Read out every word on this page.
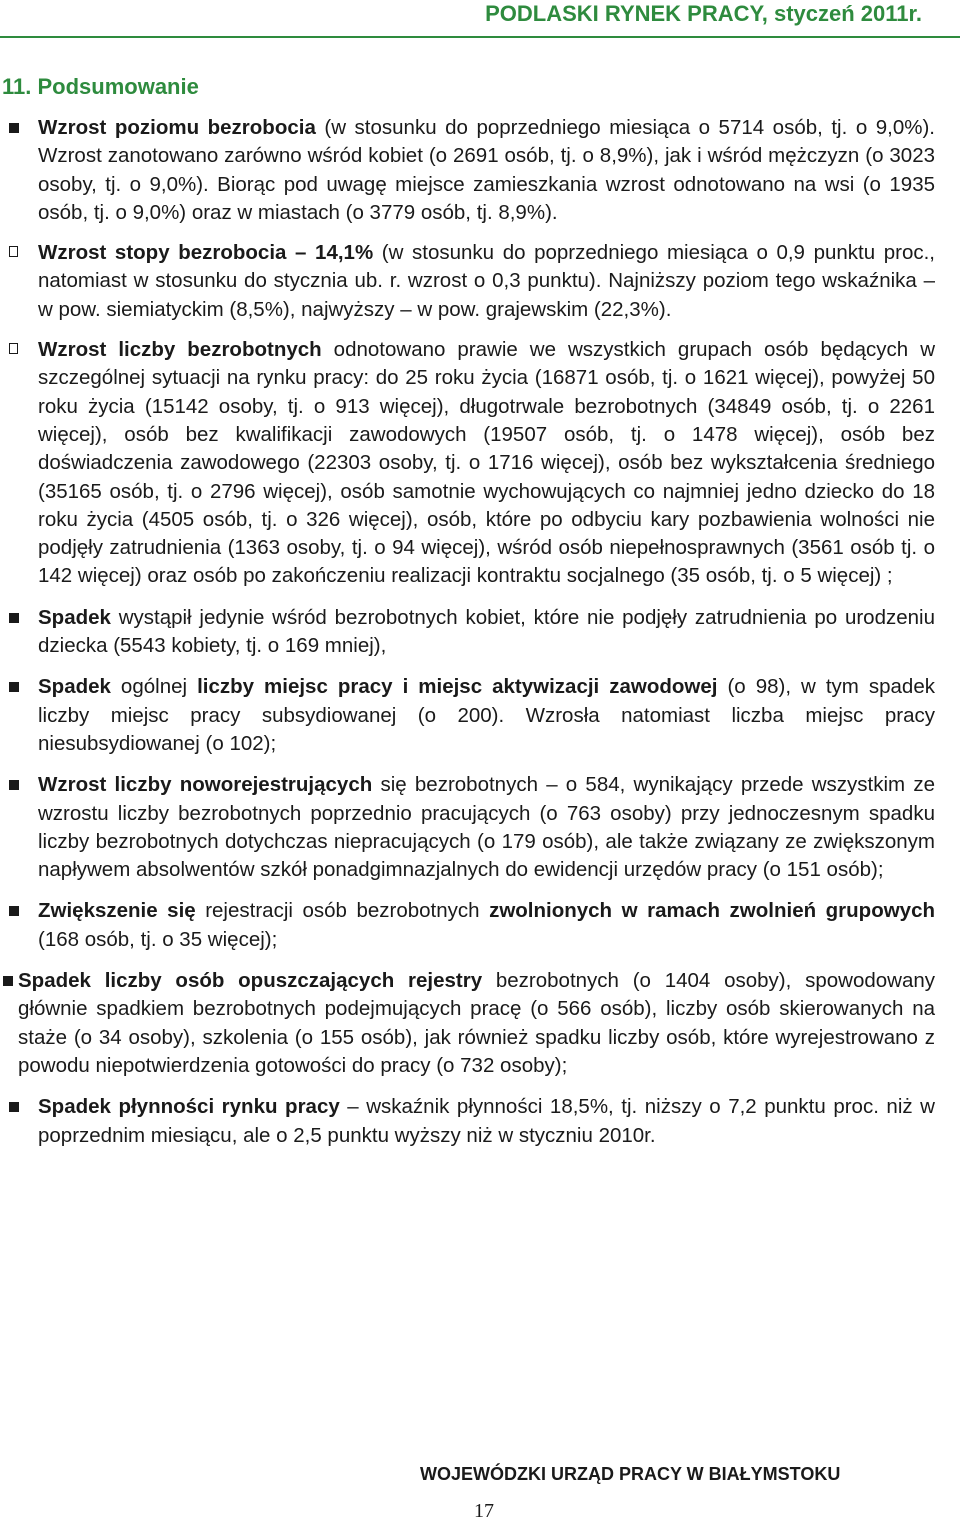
PODLASKI RYNEK PRACY, styczeń 2011r.
11. Podsumowanie

Wzrost poziomu bezrobocia (w stosunku do poprzedniego miesiąca o 5714 osób, tj. o 9,0%). Wzrost zanotowano zarówno wśród kobiet (o 2691 osób, tj. o 8,9%), jak i wśród mężczyzn (o 3023 osoby, tj. o 9,0%). Biorąc pod uwagę miejsce zamieszkania wzrost odnotowano na wsi (o 1935 osób, tj. o 9,0%) oraz w miastach (o 3779 osób, tj. 8,9%).

Wzrost stopy bezrobocia – 14,1% (w stosunku do poprzedniego miesiąca o 0,9 punktu proc., natomiast w stosunku do stycznia ub. r. wzrost o 0,3 punktu). Najniższy poziom tego wskaźnika – w pow. siemiatyckim (8,5%), najwyższy – w pow. grajewskim (22,3%).

Wzrost liczby bezrobotnych odnotowano prawie we wszystkich grupach osób będących w szczególnej sytuacji na rynku pracy: do 25 roku życia (16871 osób, tj. o 1621 więcej), powyżej 50 roku życia (15142 osoby, tj. o 913 więcej), długotrwale bezrobotnych (34849 osób, tj. o 2261 więcej), osób bez kwalifikacji zawodowych (19507 osób, tj. o 1478 więcej), osób bez doświadczenia zawodowego (22303 osoby, tj. o 1716 więcej), osób bez wykształcenia średniego (35165 osób, tj. o 2796 więcej), osób samotnie wychowujących co najmniej jedno dziecko do 18 roku życia (4505 osób, tj. o 326 więcej), osób, które po odbyciu kary pozbawienia wolności nie podjęły zatrudnienia (1363 osoby, tj. o 94 więcej), wśród osób niepełnosprawnych (3561 osób tj. o 142 więcej) oraz osób po zakończeniu realizacji kontraktu socjalnego (35 osób, tj. o 5 więcej) ;

Spadek wystąpił jedynie wśród bezrobotnych kobiet, które nie podjęły zatrudnienia po urodzeniu dziecka (5543 kobiety, tj. o 169 mniej),

Spadek ogólnej liczby miejsc pracy i miejsc aktywizacji zawodowej (o 98), w tym spadek liczby miejsc pracy subsydiowanej (o 200). Wzrosła natomiast liczba miejsc pracy niesubsydiowanej (o 102);

Wzrost liczby nowo​rejestrujących się bezrobotnych – o 584, wynikający przede wszystkim ze wzrostu liczby bezrobotnych poprzednio pracujących (o 763 osoby) przy jednoczesnym spadku liczby bezrobotnych dotychczas niepracujących (o 179 osób), ale także związany ze zwiększonym napływem absolwentów szkół ponadgimnazjalnych do ewidencji urzędów pracy (o 151 osób);

Zwiększenie się rejestracji osób bezrobotnych zwolnionych w ramach zwolnień grupowych (168 osób, tj. o 35 więcej);

Spadek liczby osób opuszczających rejestry bezrobotnych (o 1404 osoby), spowodowany głównie spadkiem bezrobotnych podejmujących pracę (o 566 osób), liczby osób skierowanych na staże (o 34 osoby), szkolenia (o 155 osób), jak również spadku liczby osób, które wyrejestrowano z powodu niepotwierdzenia gotowości do pracy (o 732 osoby);

Spadek płynności rynku pracy – wskaźnik płynności 18,5%, tj. niższy o 7,2 punktu proc. niż w poprzednim miesiącu, ale o 2,5 punktu wyższy niż w styczniu 2010r.

WOJEWÓDZKI URZĄD PRACY W BIAŁYMSTOKU
17
